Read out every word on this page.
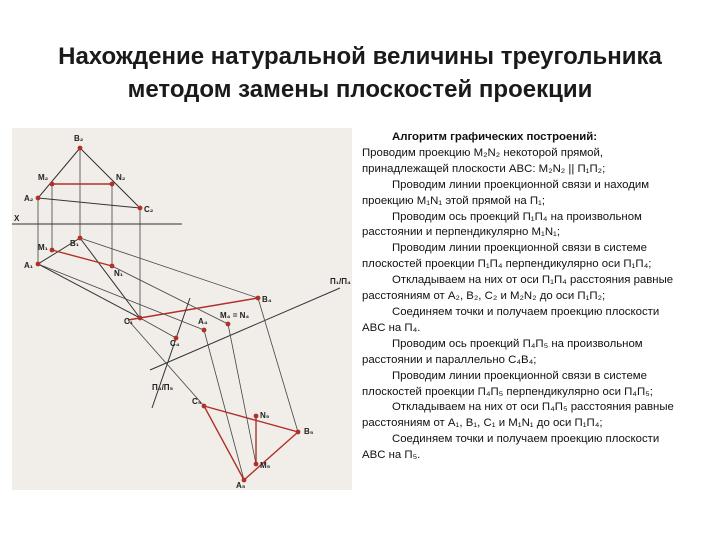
Нахождение натуральной величины треугольника
методом замены плоскостей проекции
B₂
M₂	N₂
A₂
C₂
X
M₁	B₁
A₁
N₁
C₁
B₄
A₄
M₄ = N₄
C₄
C₅
N₅
B₅
M₅
A₅
П₁/П₄
П₄/П₅
Алгоритм графических построений:
Проводим проекцию M₂N₂ некоторой прямой,
принадлежащей плоскости ABC: M₂N₂ || П₁П₂;
Проводим линии проекционной связи и находим
проекцию M₁N₁ этой прямой на П₁;
Проводим ось проекций П₁П₄ на произвольном
расстоянии и перпендикулярно M₁N₁;
Проводим линии проекционной связи в системе
плоскостей проекции П₁П₄ перпендикулярно оси П₁П₄;
Откладываем на них от оси П₁П₄ расстояния равные
расстояниям от A₂, B₂, C₂ и M₂N₂ до оси П₁П₂;
Соединяем точки и получаем проекцию плоскости
ABC на П₄.
Проводим ось проекций П₄П₅ на произвольном
расстоянии и параллельно C₄B₄;
Проводим линии проекционной связи в системе
плоскостей проекции П₄П₅ перпендикулярно оси П₄П₅;
Откладываем на них от оси П₄П₅ расстояния равные
расстояниям от A₁, B₁, C₁ и M₁N₁ до оси П₁П₄;
Соединяем точки и получаем проекцию плоскости
ABC на П₅.
